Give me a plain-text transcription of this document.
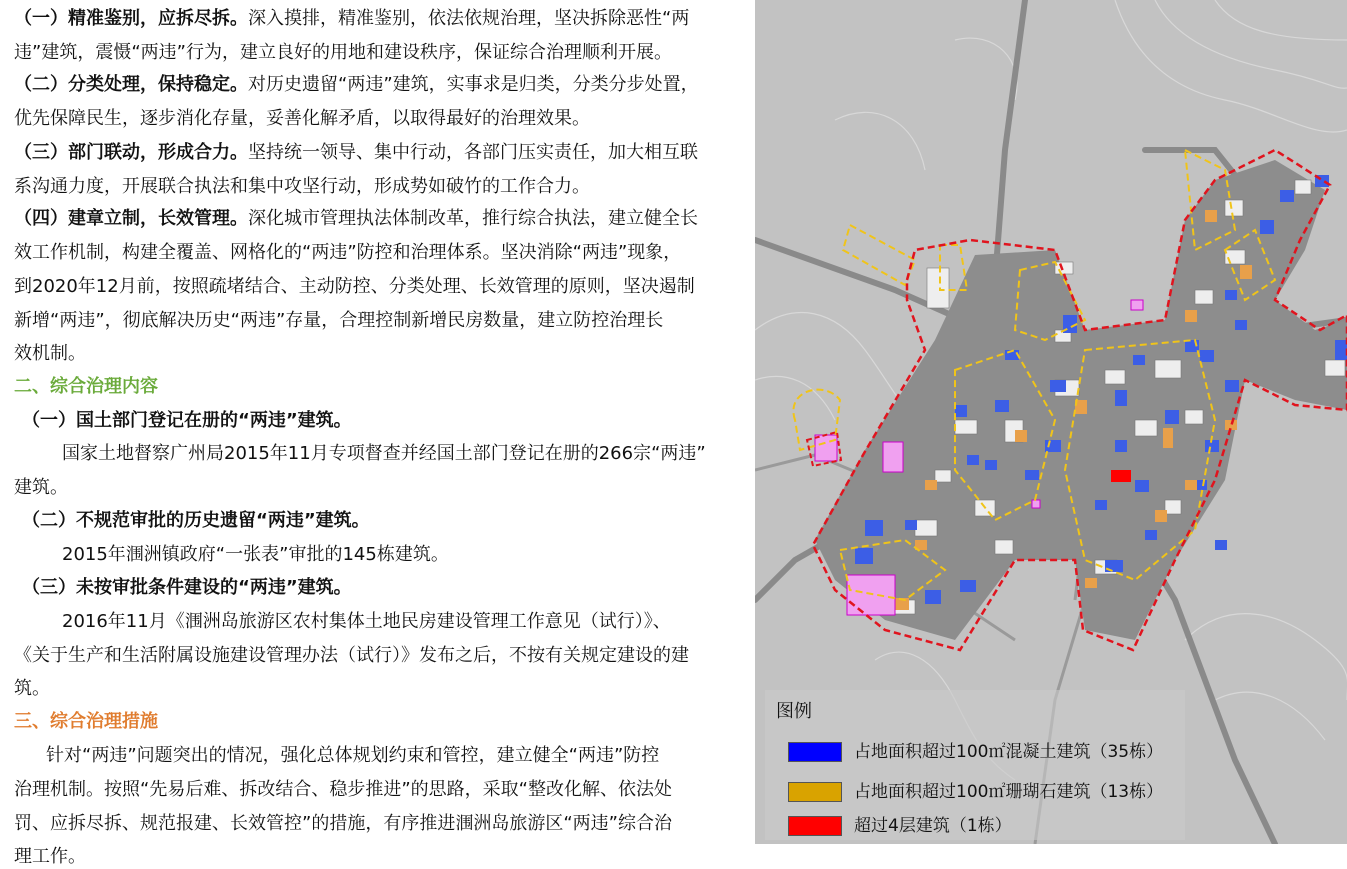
（一）精准鉴别，应拆尽拆。深入摸排，精准鉴别，依法依规治理，坚决拆除恶性“两
违”建筑，震慑“两违”行为，建立良好的用地和建设秩序，保证综合治理顺利开展。
（二）分类处理，保持稳定。对历史遗留“两违”建筑，实事求是归类，分类分步处置，
优先保障民生，逐步消化存量，妥善化解矛盾，以取得最好的治理效果。
（三）部门联动，形成合力。坚持统一领导、集中行动，各部门压实责任，加大相互联
系沟通力度，开展联合执法和集中攻坚行动，形成势如破竹的工作合力。
（四）建章立制，长效管理。深化城市管理执法体制改革，推行综合执法，建立健全长
效工作机制，构建全覆盖、网格化的“两违”防控和治理体系。坚决消除“两违”现象，
到2020年12月前，按照疏堵结合、主动防控、分类处理、长效管理的原则，坚决遏制
新增“两违”，彻底解决历史“两违”存量，合理控制新增民房数量，建立防控治理长
效机制。
二、综合治理内容
（一）国土部门登记在册的“两违”建筑。
国家土地督察广州局2015年11月专项督查并经国土部门登记在册的266宗“两违”
建筑。
（二）不规范审批的历史遗留“两违”建筑。
2015年涠洲镇政府“一张表”审批的145栋建筑。
（三）未按审批条件建设的“两违”建筑。
2016年11月《涠洲岛旅游区农村集体土地民房建设管理工作意见（试行）》、
《关于生产和生活附属设施建设管理办法（试行）》发布之后，不按有关规定建设的建
筑。
三、综合治理措施
针对“两违”问题突出的情况，强化总体规划约束和管控，建立健全“两违”防控
治理机制。按照“先易后难、拆改结合、稳步推进”的思路，采取“整改化解、依法处
罚、应拆尽拆、规范报建、长效管控”的措施，有序推进涠洲岛旅游区“两违”综合治
理工作。
图例
占地面积超过100㎡混凝土建筑（35栋）
占地面积超过100㎡珊瑚石建筑（13栋）
超过4层建筑（1栋）
